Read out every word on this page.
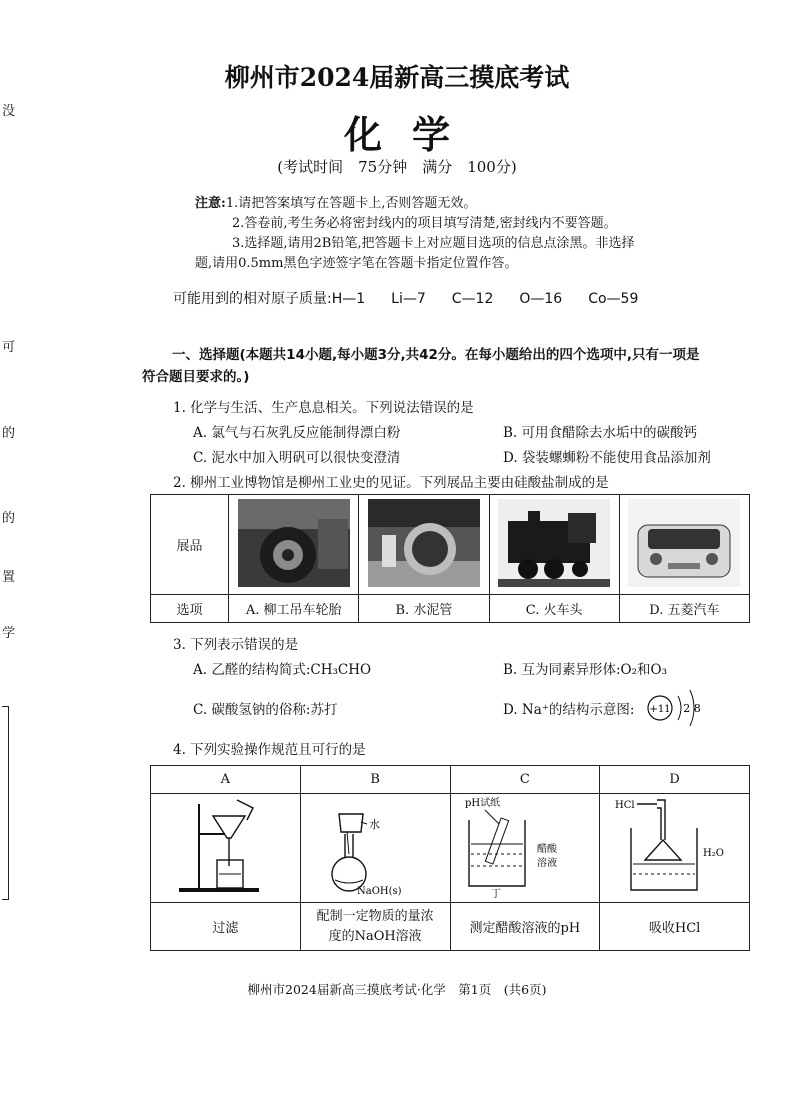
没
可
的
的
置
学
柳州市2024届新高三摸底考试
化学
(考试时间　75分钟　满分　100分)
注意:1.请把答案填写在答题卡上,否则答题无效。
2.答卷前,考生务必将密封线内的项目填写清楚,密封线内不要答题。
3.选择题,请用2B铅笔,把答题卡上对应题目选项的信息点涂黑。非选择
题,请用0.5mm黑色字迹签字笔在答题卡指定位置作答。
可能用到的相对原子质量:H—1 Li—7 C—12 O—16 Co—59
一、选择题(本题共14小题,每小题3分,共42分。在每小题给出的四个选项中,只有一项是
符合题目要求的。)
1. 化学与生活、生产息息相关。下列说法错误的是
A. 氯气与石灰乳反应能制得漂白粉	B. 可用食醋除去水垢中的碳酸钙
C. 泥水中加入明矾可以很快变澄清	D. 袋装螺蛳粉不能使用食品添加剂
2. 柳州工业博物馆是柳州工业史的见证。下列展品主要由硅酸盐制成的是
展品				
选项	A. 柳工吊车轮胎	B. 水泥管	C. 火车头	D. 五菱汽车
3. 下列表示错误的是
A. 乙醛的结构简式:CH₃CHO	B. 互为同素异形体:O₂和O₃
C. 碳酸氢钠的俗称:苏打	D. Na⁺的结构示意图: +11 2 8
4. 下列实验操作规范且可行的是
A	B	C	D

水
NaOH(s)	pH试纸
醋酸
溶液
丁	HCl
H₂O

过滤	配制一定物质的量浓度的NaOH溶液	测定醋酸溶液的pH	吸收HCl
柳州市2024届新高三摸底考试·化学　第1页　(共6页)
